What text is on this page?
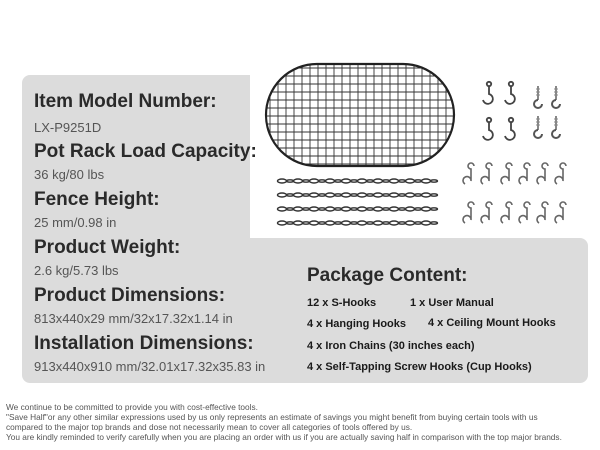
Item Model Number:
LX-P9251D
Pot Rack Load Capacity:
36 kg/80 lbs
Fence Height:
25 mm/0.98 in
Product Weight:
2.6 kg/5.73 lbs
Product Dimensions:
813x440x29 mm/32x17.32x1.14 in
Installation Dimensions:
913x440x910 mm/32.01x17.32x35.83 in
Package Content:
12 x S-Hooks	1 x User Manual
4 x Hanging Hooks 4 x Ceiling Mount Hooks
4 x Iron Chains (30 inches each)
4 x Self-Tapping Screw Hooks (Cup Hooks)
We continue to be committed to provide you with cost-effective tools.
"Save Half"or any other similar expressions used by us only represents an estimate of savings you might benefit from buying certain tools with us
compared to the major top brands and dose not necessarily mean to cover all categories of tools offered by us.
You are kindly reminded to verify carefully when you are placing an order with us if you are actually saving half in comparison with the top major brands.
